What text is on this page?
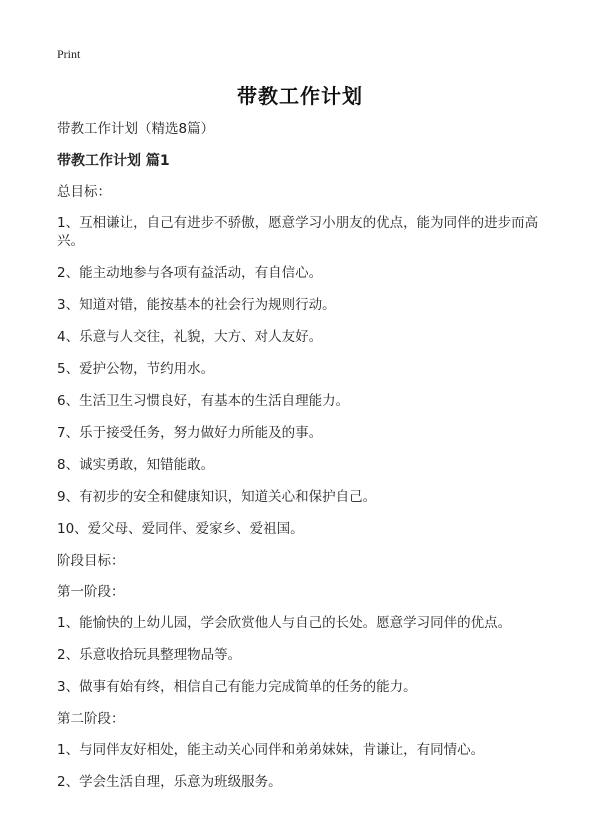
Print
带教工作计划

带教工作计划（精选8篇）

带教工作计划 篇1

总目标：

1、互相谦让，自己有进步不骄傲，愿意学习小朋友的优点，能为同伴的进步而高兴。

2、能主动地参与各项有益活动，有自信心。

3、知道对错，能按基本的社会行为规则行动。

4、乐意与人交往，礼貌，大方、对人友好。

5、爱护公物，节约用水。

6、生活卫生习惯良好，有基本的生活自理能力。

7、乐于接受任务，努力做好力所能及的事。

8、诚实勇敢，知错能敢。

9、有初步的安全和健康知识，知道关心和保护自己。

10、爱父母、爱同伴、爱家乡、爱祖国。

阶段目标：

第一阶段：

1、能愉快的上幼儿园，学会欣赏他人与自己的长处。愿意学习同伴的优点。

2、乐意收拾玩具整理物品等。

3、做事有始有终，相信自己有能力完成简单的任务的能力。

第二阶段：

1、与同伴友好相处，能主动关心同伴和弟弟妹妹，肯谦让，有同情心。

2、学会生活自理，乐意为班级服务。
